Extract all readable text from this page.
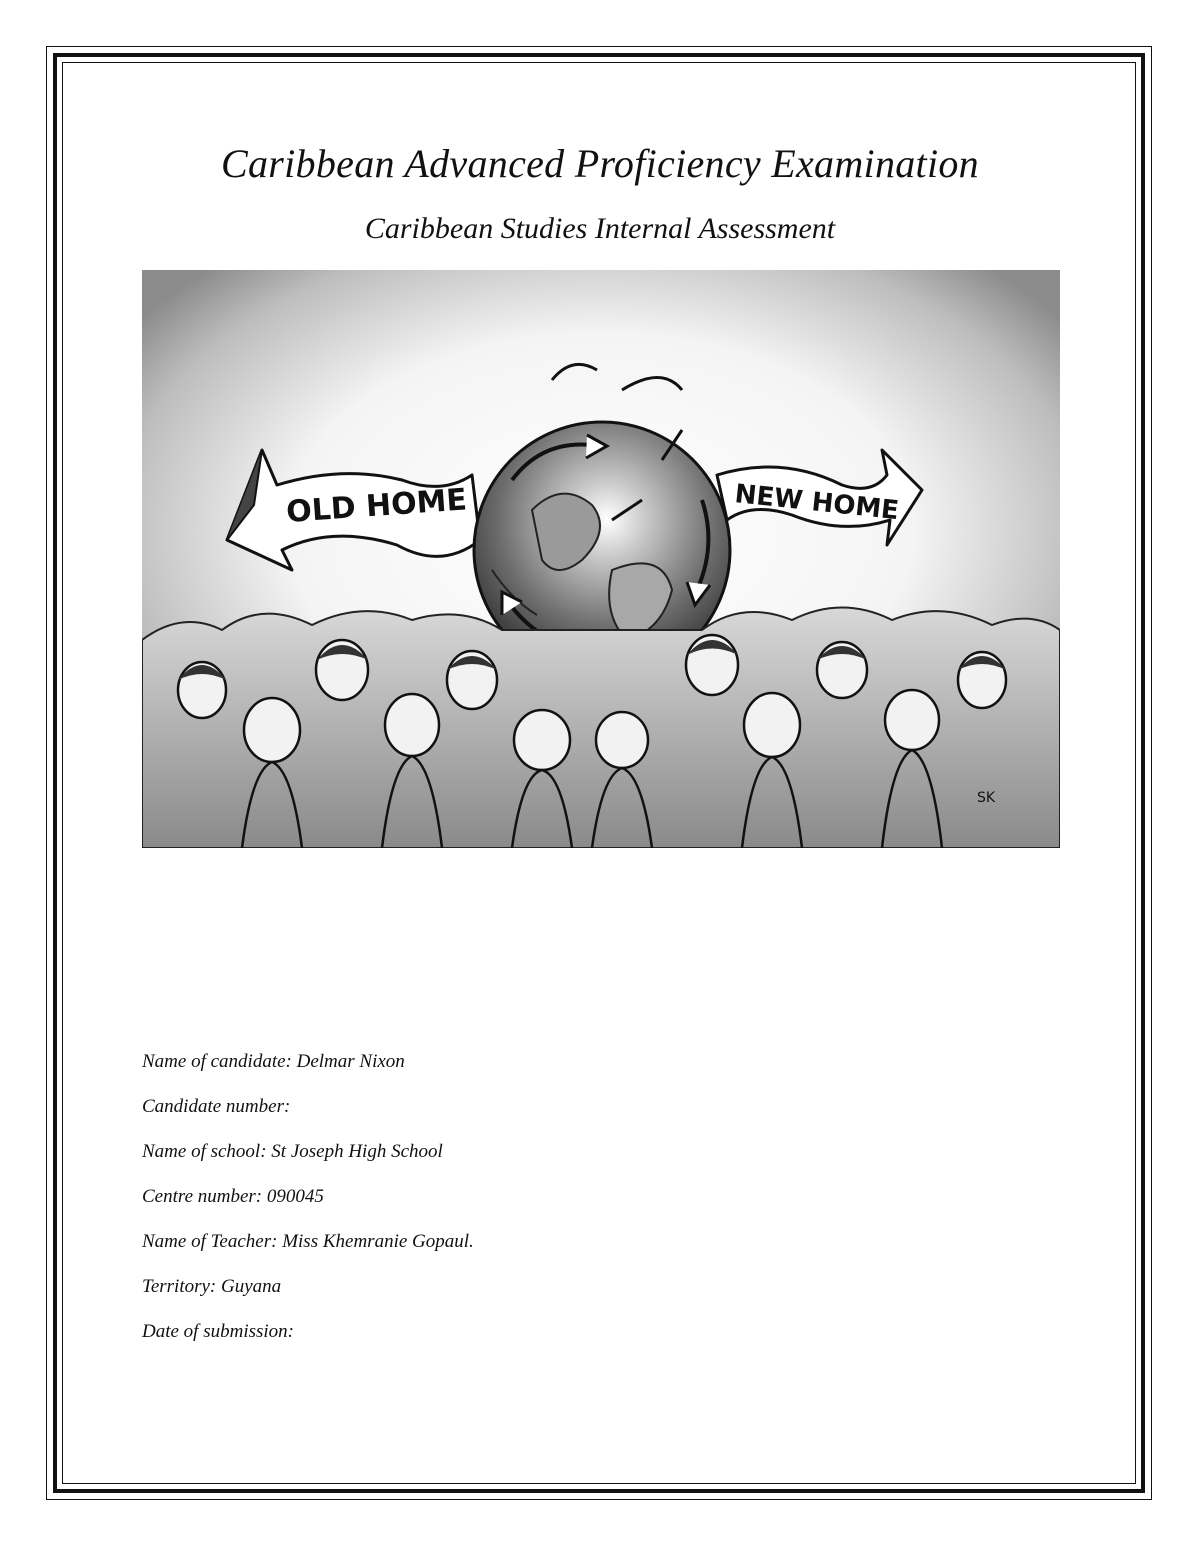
Caribbean Advanced Proficiency Examination
Caribbean Studies Internal Assessment
OLD HOME	NEW HOME
SK
Name of candidate: Delmar Nixon
Candidate number:
Name of school: St Joseph High School
Centre number: 090045
Name of Teacher: Miss Khemranie Gopaul.
Territory: Guyana
Date of submission:
